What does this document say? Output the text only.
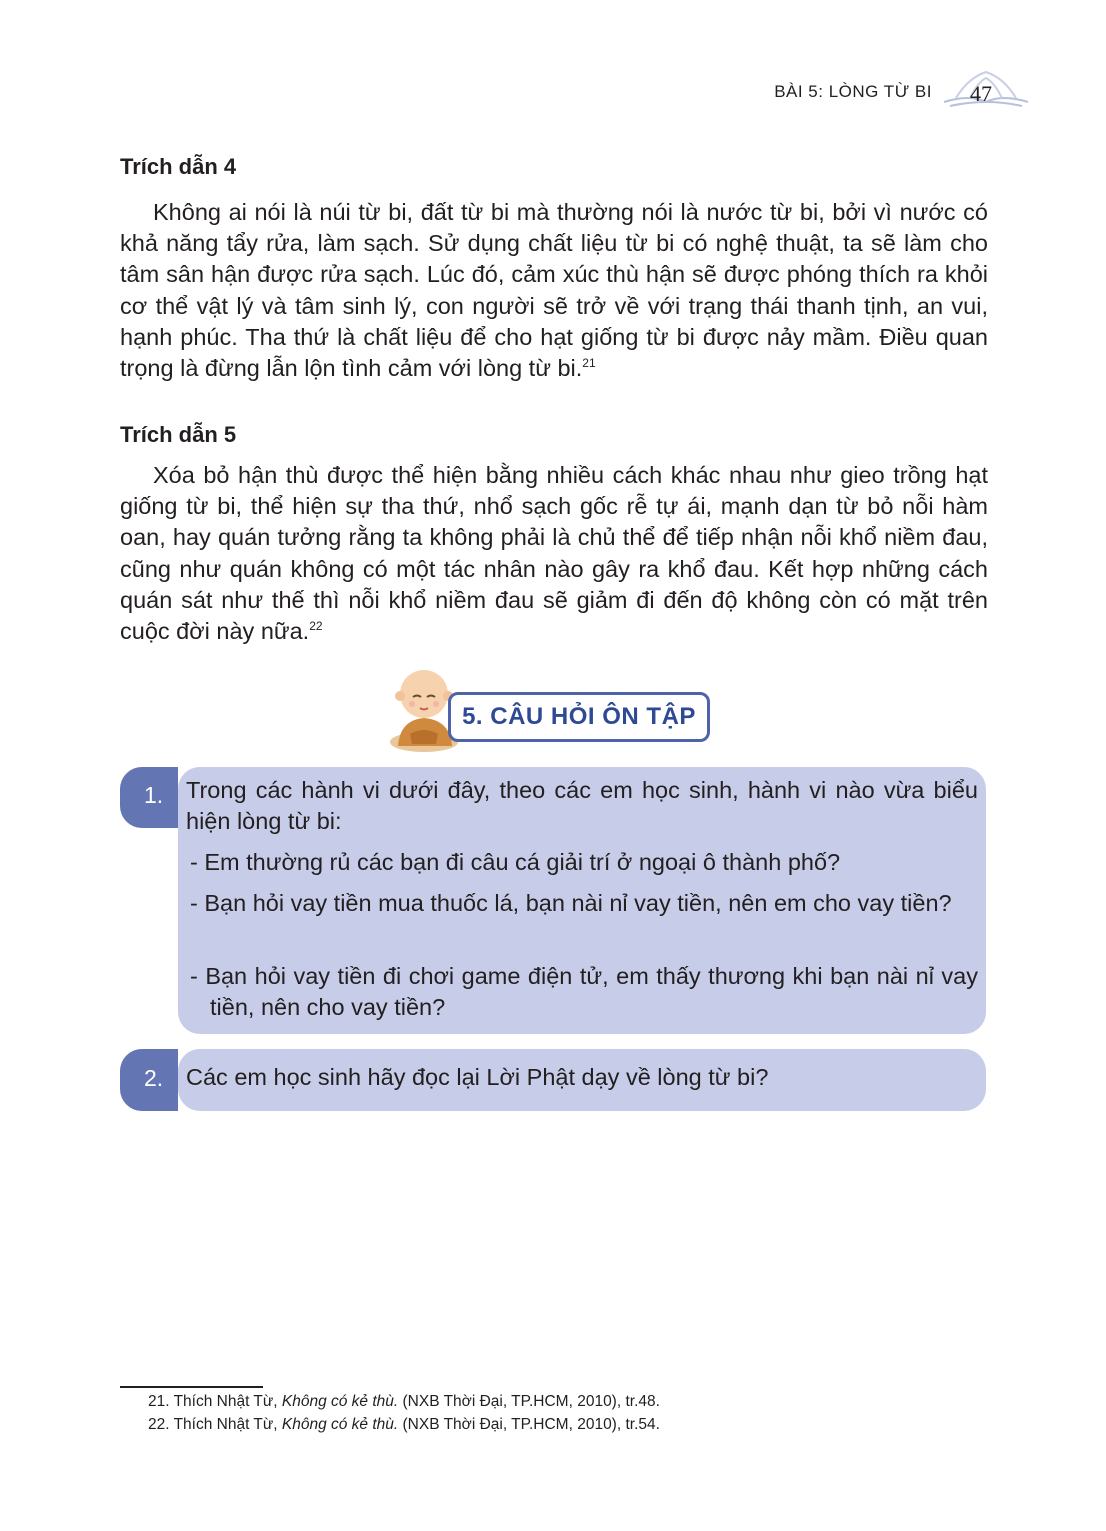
BÀI 5: LÒNG TỪ BI 47
Trích dẫn 4

Không ai nói là núi từ bi, đất từ bi mà thường nói là nước từ bi, bởi vì nước có khả năng tẩy rửa, làm sạch. Sử dụng chất liệu từ bi có nghệ thuật, ta sẽ làm cho tâm sân hận được rửa sạch. Lúc đó, cảm xúc thù hận sẽ được phóng thích ra khỏi cơ thể vật lý và tâm sinh lý, con người sẽ trở về với trạng thái thanh tịnh, an vui, hạnh phúc. Tha thứ là chất liệu để cho hạt giống từ bi được nảy mầm. Điều quan trọng là đừng lẫn lộn tình cảm với lòng từ bi.$^{21}$

Trích dẫn 5

Xóa bỏ hận thù được thể hiện bằng nhiều cách khác nhau như gieo trồng hạt giống từ bi, thể hiện sự tha thứ, nhổ sạch gốc rễ tự ái, mạnh dạn từ bỏ nỗi hàm oan, hay quán tưởng rằng ta không phải là chủ thể để tiếp nhận nỗi khổ niềm đau, cũng như quán không có một tác nhân nào gây ra khổ đau. Kết hợp những cách quán sát như thế thì nỗi khổ niềm đau sẽ giảm đi đến độ không còn có mặt trên cuộc đời này nữa.$^{22}$

5. CÂU HỎI ÔN TẬP
Trong các hành vi dưới đây, theo các em học sinh, hành vi nào vừa biểu hiện lòng từ bi:
- Em thường rủ các bạn đi câu cá giải trí ở ngoại ô thành phố?
- Bạn hỏi vay tiền mua thuốc lá, bạn nài nỉ vay tiền, nên em cho vay tiền?
- Bạn hỏi vay tiền đi chơi game điện tử, em thấy thương khi bạn nài nỉ vay tiền, nên cho vay tiền?
1.
Các em học sinh hãy đọc lại Lời Phật dạy về lòng từ bi?
2.
21. Thích Nhật Từ, Không có kẻ thù. (NXB Thời Đại, TP.HCM, 2010), tr.48.
22. Thích Nhật Từ, Không có kẻ thù. (NXB Thời Đại, TP.HCM, 2010), tr.54.
